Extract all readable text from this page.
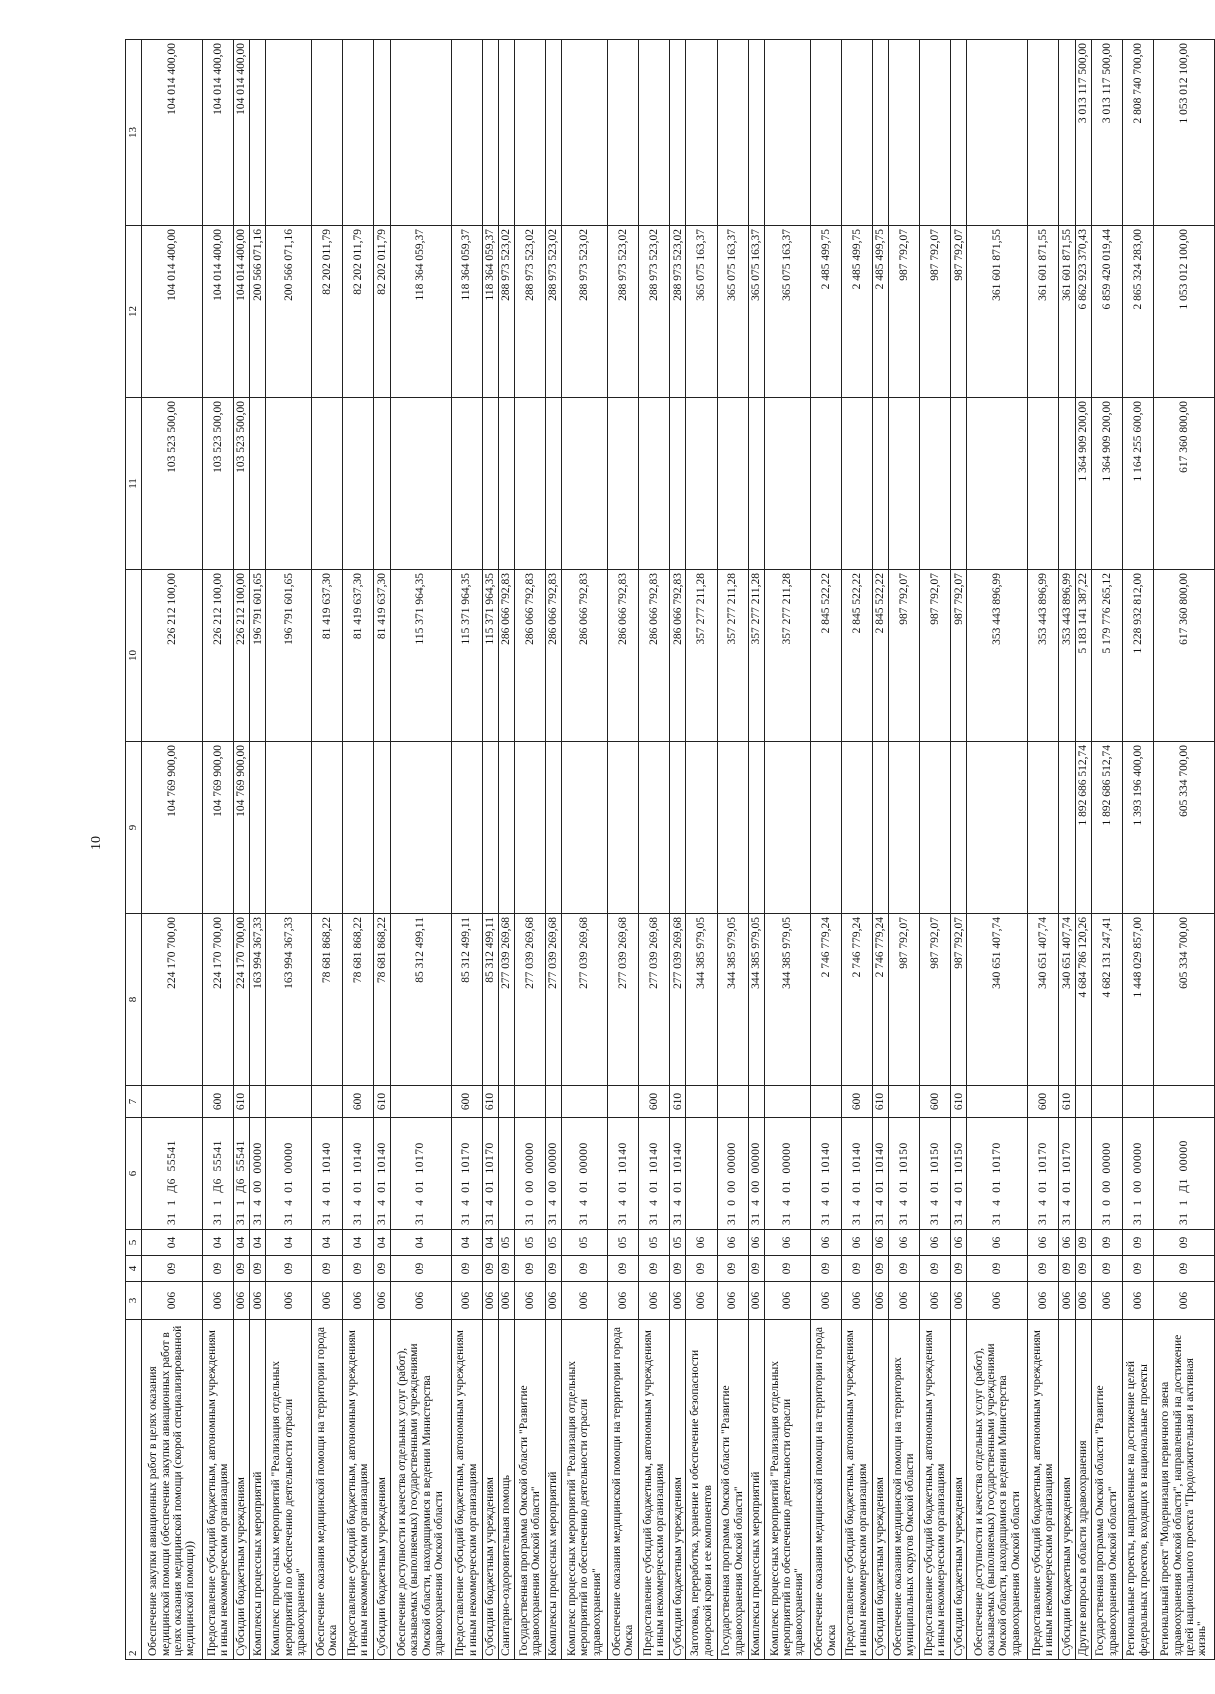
10
2	3	4	5	6	7	8	9	10	11	12	13
Обеспечение закупки авиационных работ в целях оказания медицинской помощи (обеспечение закупки авиационных работ в целях оказания медицинской помощи (скорой специализированной медицинской помощи))	006	09	04	31  1  Д6  55541		224 170 700,00	104 769 900,00	226 212 100,00	103 523 500,00	104 014 400,00	104 014 400,00
Предоставление субсидий бюджетным, автономным учреждениям и иным некоммерческим организациям	006	09	04	31  1  Д6  55541	600	224 170 700,00	104 769 900,00	226 212 100,00	103 523 500,00	104 014 400,00	104 014 400,00
Субсидии бюджетным учреждениям	006	09	04	31  1  Д6  55541	610	224 170 700,00	104 769 900,00	226 212 100,00	103 523 500,00	104 014 400,00	104 014 400,00
Комплексы процессных мероприятий	006	09	04	31  4  00  00000		163 994 367,33		196 791 601,65		200 566 071,16	
Комплекс процессных мероприятий "Реализация отдельных мероприятий по обеспечению деятельности отрасли здравоохранения"	006	09	04	31  4  01  00000		163 994 367,33		196 791 601,65		200 566 071,16	
Обеспечение оказания медицинской помощи на территории города Омска	006	09	04	31  4  01  10140		78 681 868,22		81 419 637,30		82 202 011,79	
Предоставление субсидий бюджетным, автономным учреждениям и иным некоммерческим организациям	006	09	04	31  4  01  10140	600	78 681 868,22		81 419 637,30		82 202 011,79	
Субсидии бюджетным учреждениям	006	09	04	31  4  01  10140	610	78 681 868,22		81 419 637,30		82 202 011,79	
Обеспечение доступности и качества отдельных услуг (работ), оказываемых (выполняемых) государственными учреждениями Омской области, находящимися в ведении Министерства здравоохранения Омской области	006	09	04	31  4  01  10170		85 312 499,11		115 371 964,35		118 364 059,37	
Предоставление субсидий бюджетным, автономным учреждениям и иным некоммерческим организациям	006	09	04	31  4  01  10170	600	85 312 499,11		115 371 964,35		118 364 059,37	
Субсидии бюджетным учреждениям	006	09	04	31  4  01  10170	610	85 312 499,11		115 371 964,35		118 364 059,37	
Санитарно-оздоровительная помощь	006	09	05			277 039 269,68		286 066 792,83		288 973 523,02	
Государственная программа Омской области "Развитие здравоохранения Омской области"	006	09	05	31  0  00  00000		277 039 269,68		286 066 792,83		288 973 523,02	
Комплексы процессных мероприятий	006	09	05	31  4  00  00000		277 039 269,68		286 066 792,83		288 973 523,02	
Комплекс процессных мероприятий "Реализация отдельных мероприятий по обеспечению деятельности отрасли здравоохранения"	006	09	05	31  4  01  00000		277 039 269,68		286 066 792,83		288 973 523,02	
Обеспечение оказания медицинской помощи на территории города Омска	006	09	05	31  4  01  10140		277 039 269,68		286 066 792,83		288 973 523,02	
Предоставление субсидий бюджетным, автономным учреждениям и иным некоммерческим организациям	006	09	05	31  4  01  10140	600	277 039 269,68		286 066 792,83		288 973 523,02	
Субсидии бюджетным учреждениям	006	09	05	31  4  01  10140	610	277 039 269,68		286 066 792,83		288 973 523,02	
Заготовка, переработка, хранение и обеспечение безопасности донорской крови и ее компонентов	006	09	06			344 385 979,05		357 277 211,28		365 075 163,37	
Государственная программа Омской области "Развитие здравоохранения Омской области"	006	09	06	31  0  00  00000		344 385 979,05		357 277 211,28		365 075 163,37	
Комплексы процессных мероприятий	006	09	06	31  4  00  00000		344 385 979,05		357 277 211,28		365 075 163,37	
Комплекс процессных мероприятий "Реализация отдельных мероприятий по обеспечению деятельности отрасли здравоохранения"	006	09	06	31  4  01  00000		344 385 979,05		357 277 211,28		365 075 163,37	
Обеспечение оказания медицинской помощи на территории города Омска	006	09	06	31  4  01  10140		2 746 779,24		2 845 522,22		2 485 499,75	
Предоставление субсидий бюджетным, автономным учреждениям и иным некоммерческим организациям	006	09	06	31  4  01  10140	600	2 746 779,24		2 845 522,22		2 485 499,75	
Субсидии бюджетным учреждениям	006	09	06	31  4  01  10140	610	2 746 779,24		2 845 522,22		2 485 499,75	
Обеспечение оказания медицинской помощи на территориях муниципальных округов Омской области	006	09	06	31  4  01  10150		987 792,07		987 792,07		987 792,07	
Предоставление субсидий бюджетным, автономным учреждениям и иным некоммерческим организациям	006	09	06	31  4  01  10150	600	987 792,07		987 792,07		987 792,07	
Субсидии бюджетным учреждениям	006	09	06	31  4  01  10150	610	987 792,07		987 792,07		987 792,07	
Обеспечение доступности и качества отдельных услуг (работ), оказываемых (выполняемых) государственными учреждениями Омской области, находящимися в ведении Министерства здравоохранения Омской области	006	09	06	31  4  01  10170		340 651 407,74		353 443 896,99		361 601 871,55	
Предоставление субсидий бюджетным, автономным учреждениям и иным некоммерческим организациям	006	09	06	31  4  01  10170	600	340 651 407,74		353 443 896,99		361 601 871,55	
Субсидии бюджетным учреждениям	006	09	06	31  4  01  10170	610	340 651 407,74		353 443 896,99		361 601 871,55	
Другие вопросы в области здравоохранения	006	09	09			4 684 786 120,26	1 892 686 512,74	5 183 141 387,22	1 364 909 200,00	6 862 923 370,43	3 013 117 500,00
Государственная программа Омской области "Развитие здравоохранения Омской области"	006	09	09	31  0  00  00000		4 682 131 247,41	1 892 686 512,74	5 179 776 265,12	1 364 909 200,00	6 859 420 019,44	3 013 117 500,00
Региональные проекты, направленные на достижение целей федеральных проектов, входящих в национальные проекты	006	09	09	31  1  00  00000		1 448 029 857,00	1 393 196 400,00	1 228 932 812,00	1 164 255 600,00	2 865 324 283,00	2 808 740 700,00
Региональный проект "Модернизация первичного звена здравоохранения Омской области", направленный на достижение целей национального проекта "Продолжительная и активная жизнь"	006	09	09	31  1  Д1  00000		605 334 700,00	605 334 700,00	617 360 800,00	617 360 800,00	1 053 012 100,00	1 053 012 100,00
